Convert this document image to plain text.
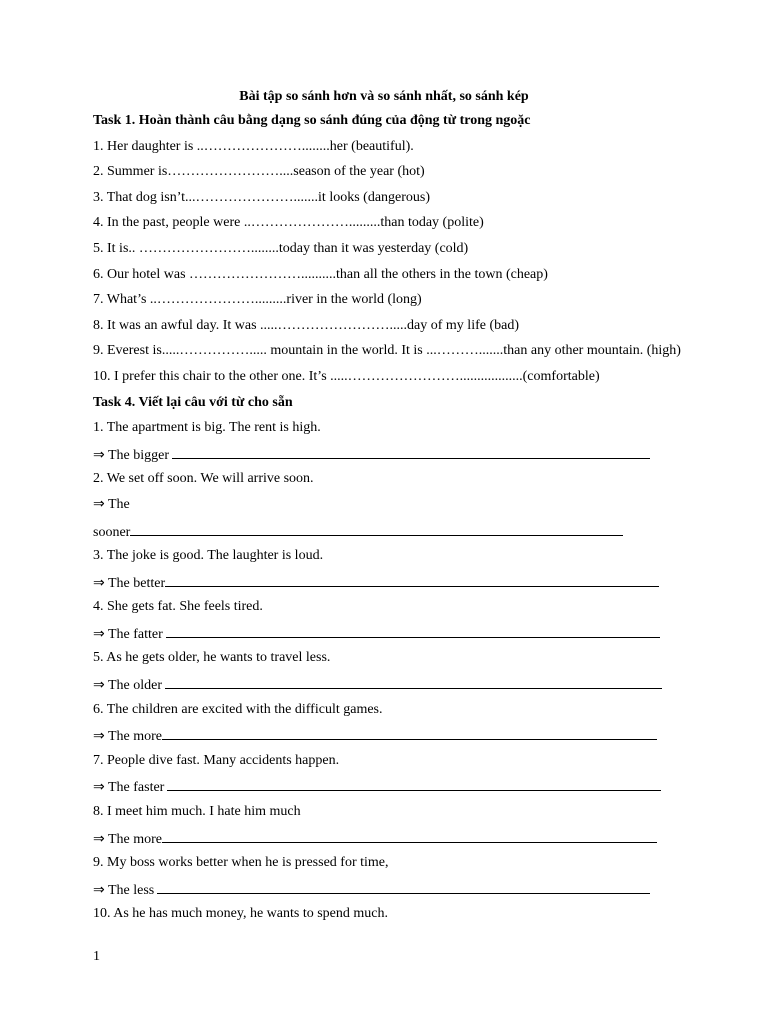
Bài tập so sánh hơn và so sánh nhất, so sánh kép
Task 1. Hoàn thành câu bằng dạng so sánh đúng của động từ trong ngoặc
1. Her daughter is ..…………………........her (beautiful).
2. Summer is……………………....season of the year (hot)
3. That dog isn’t...………………….......it looks (dangerous)
4. In the past, people were ..………………….........than today (polite)
5. It is.. ……………………........today than it was yesterday (cold)
6. Our hotel was ……………………..........than all the others in the town (cheap)
7. What’s ..………………….........river in the world (long)
8. It was an awful day. It was .....…………………….....day of my life (bad)
9. Everest is.....……………..... mountain in the world. It is ...……….......than any other mountain. (high)
10. I prefer this chair to the other one. It’s .....……………………..................(comfortable)
Task 4. Viết lại câu với từ cho sẵn
1. The apartment is big. The rent is high.
⇒ The bigger
2. We set off soon. We will arrive soon.
⇒ The
sooner
3. The joke is good. The laughter is loud.
⇒ The better
4. She gets fat. She feels tired.
⇒ The fatter
5. As he gets older, he wants to travel less.
⇒ The older
6. The children are excited with the difficult games.
⇒ The more
7. People dive fast. Many accidents happen.
⇒ The faster
8. I meet him much. I hate him much
⇒ The more
9. My boss works better when he is pressed for time,
⇒ The less
10. As he has much money, he wants to spend much.
1
